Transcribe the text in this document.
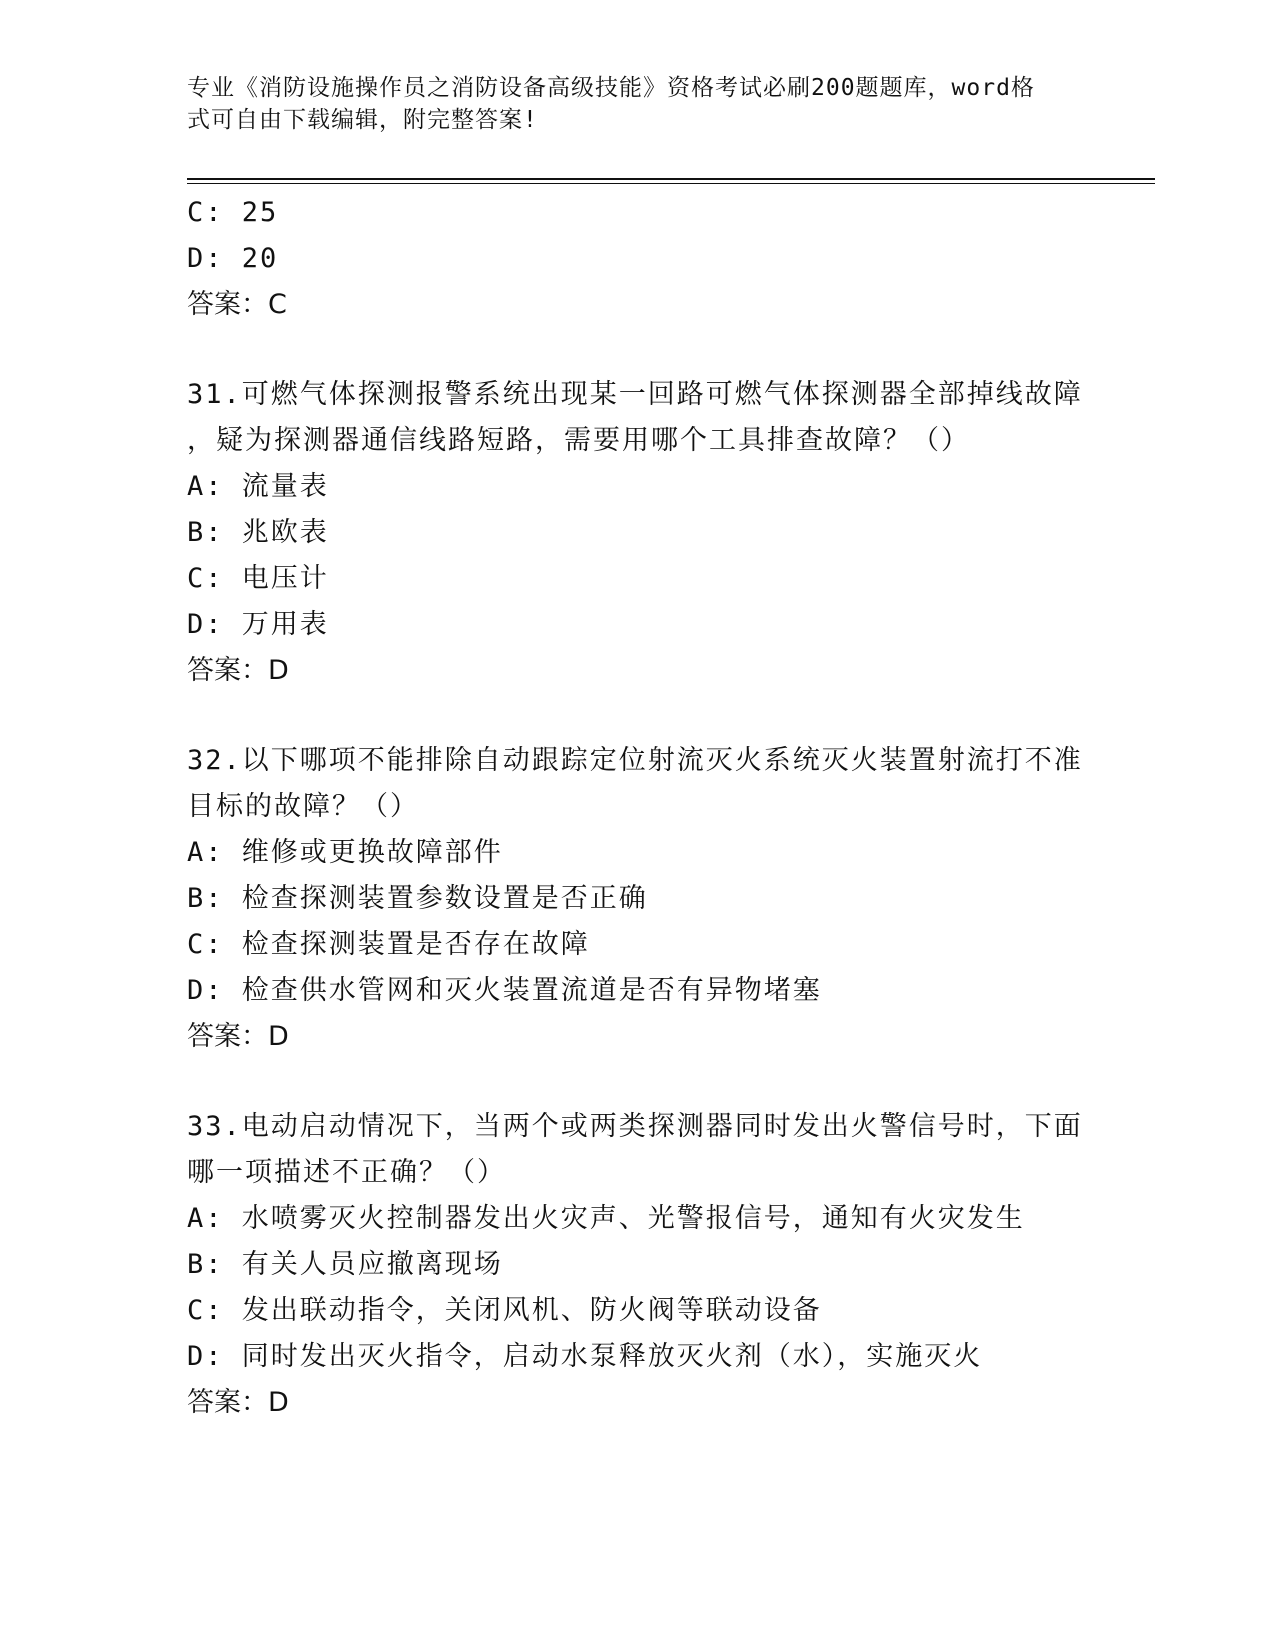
专业《消防设施操作员之消防设备高级技能》资格考试必刷200题题库，word格
式可自由下载编辑，附完整答案!
C: 25
D: 20
答案：C
31.可燃气体探测报警系统出现某一回路可燃气体探测器全部掉线故障
，疑为探测器通信线路短路，需要用哪个工具排查故障？（）
A: 流量表
B: 兆欧表
C: 电压计
D: 万用表
答案：D
32.以下哪项不能排除自动跟踪定位射流灭火系统灭火装置射流打不准
目标的故障？（）
A: 维修或更换故障部件
B: 检查探测装置参数设置是否正确
C: 检查探测装置是否存在故障
D: 检查供水管网和灭火装置流道是否有异物堵塞
答案：D
33.电动启动情况下，当两个或两类探测器同时发出火警信号时，下面
哪一项描述不正确？（）
A: 水喷雾灭火控制器发出火灾声、光警报信号，通知有火灾发生
B: 有关人员应撤离现场
C: 发出联动指令，关闭风机、防火阀等联动设备
D: 同时发出灭火指令，启动水泵释放灭火剂（水），实施灭火
答案：D
